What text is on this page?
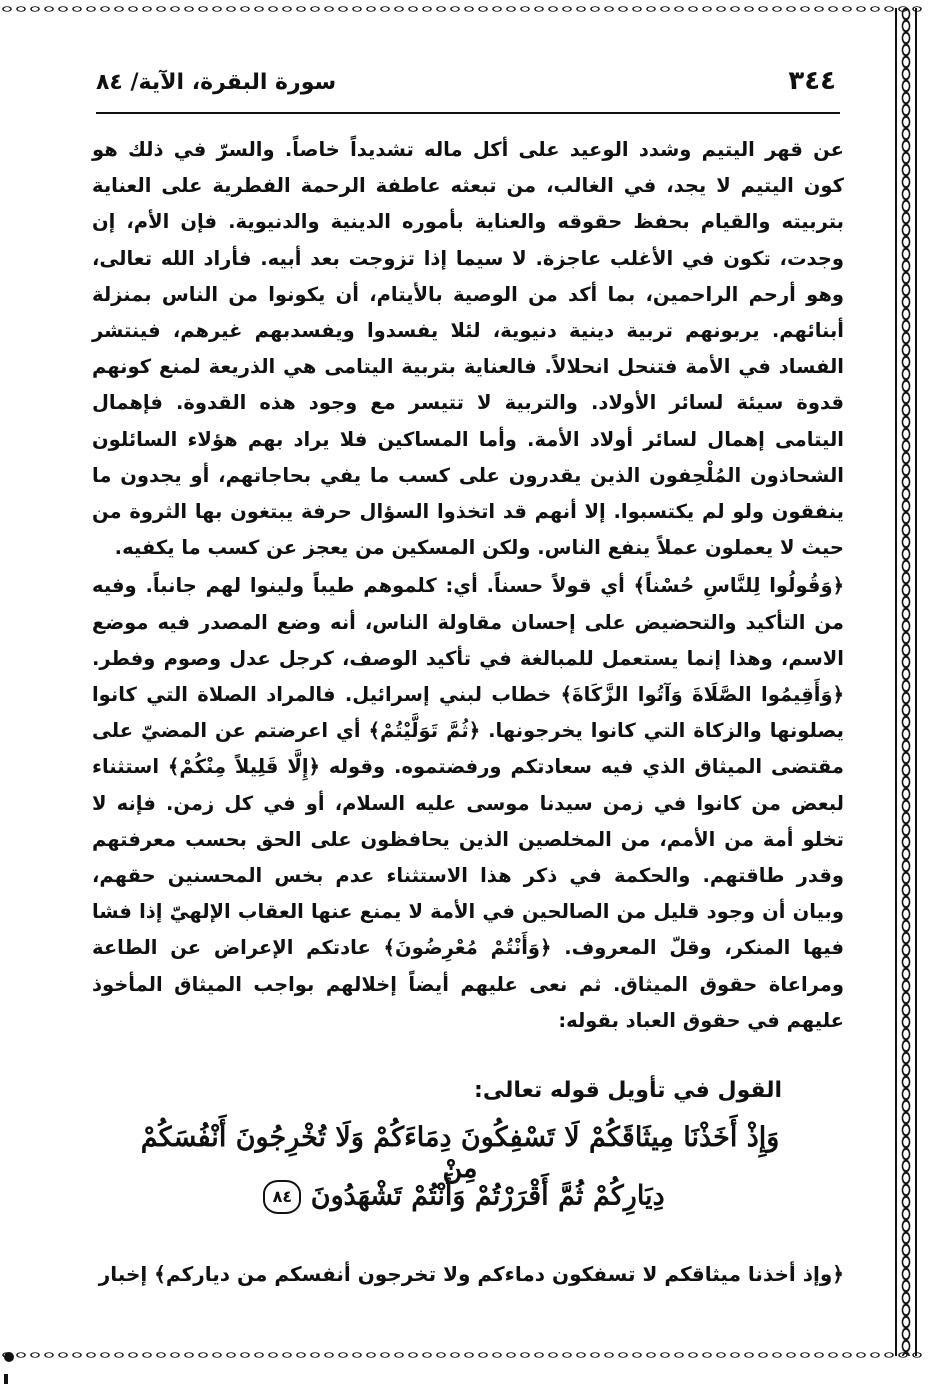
٣٤٤
سورة البقرة، الآية/ ٨٤

عن قهر اليتيم وشدد الوعيد على أكل ماله تشديداً خاصاً. والسرّ في ذلك هو كون اليتيم لا يجد، في الغالب، من تبعثه عاطفة الرحمة الفطرية على العناية بتربيته والقيام بحفظ حقوقه والعناية بأموره الدينية والدنيوية. فإن الأم، إن وجدت، تكون في الأغلب عاجزة. لا سيما إذا تزوجت بعد أبيه. فأراد الله تعالى، وهو أرحم الراحمين، بما أكد من الوصية بالأيتام، أن يكونوا من الناس بمنزلة أبنائهم. يربونهم تربية دينية دنيوية، لئلا يفسدوا ويفسدبهم غيرهم، فينتشر الفساد في الأمة فتنحل انحلالاً. فالعناية بتربية اليتامى هي الذريعة لمنع كونهم قدوة سيئة لسائر الأولاد. والتربية لا تتيسر مع وجود هذه القدوة. فإهمال اليتامى إهمال لسائر أولاد الأمة. وأما المساكين فلا يراد بهم هؤلاء السائلون الشحاذون المُلْحِفون الذين يقدرون على كسب ما يفي بحاجاتهم، أو يجدون ما ينفقون ولو لم يكتسبوا. إلا أنهم قد اتخذوا السؤال حرفة يبتغون بها الثروة من حيث لا يعملون عملاً ينفع الناس. ولكن المسكين من يعجز عن كسب ما يكفيه.

﴿وَقُولُوا لِلنَّاسِ حُسْناً﴾ أي قولاً حسناً. أي: كلموهم طيباً ولينوا لهم جانباً. وفيه من التأكيد والتحضيض على إحسان مقاولة الناس، أنه وضع المصدر فيه موضع الاسم، وهذا إنما يستعمل للمبالغة في تأكيد الوصف، كرجل عدل وصوم وفطر. ﴿وَأَقِيمُوا الصَّلَاةَ وَآتُوا الزَّكَاةَ﴾ خطاب لبني إسرائيل. فالمراد الصلاة التي كانوا يصلونها والزكاة التي كانوا يخرجونها. ﴿ثُمَّ تَوَلَّيْتُمْ﴾ أي اعرضتم عن المضيّ على مقتضى الميثاق الذي فيه سعادتكم ورفضتموه. وقوله ﴿إِلَّا قَلِيلاً مِنْكُمْ﴾ استثناء لبعض من كانوا في زمن سيدنا موسى عليه السلام، أو في كل زمن. فإنه لا تخلو أمة من الأمم، من المخلصين الذين يحافظون على الحق بحسب معرفتهم وقدر طاقتهم. والحكمة في ذكر هذا الاستثناء عدم بخس المحسنين حقهم، وبيان أن وجود قليل من الصالحين في الأمة لا يمنع عنها العقاب الإلهيّ إذا فشا فيها المنكر، وقلّ المعروف. ﴿وَأَنْتُمْ مُعْرِضُونَ﴾ عادتكم الإعراض عن الطاعة ومراعاة حقوق الميثاق. ثم نعى عليهم أيضاً إخلالهم بواجب الميثاق المأخوذ عليهم في حقوق العباد بقوله:

القول في تأويل قوله تعالى:
وَإِذْ أَخَذْنَا مِيثَاقَكُمْ لَا تَسْفِكُونَ دِمَاءَكُمْ وَلَا تُخْرِجُونَ أَنْفُسَكُمْ مِنْ
دِيَارِكُمْ ثُمَّ أَقْرَرْتُمْ وَأَنْتُمْ تَشْهَدُونَ ٨٤
﴿وإذ أخذنا ميثاقكم لا تسفكون دماءكم ولا تخرجون أنفسكم من دياركم﴾ إخبار
